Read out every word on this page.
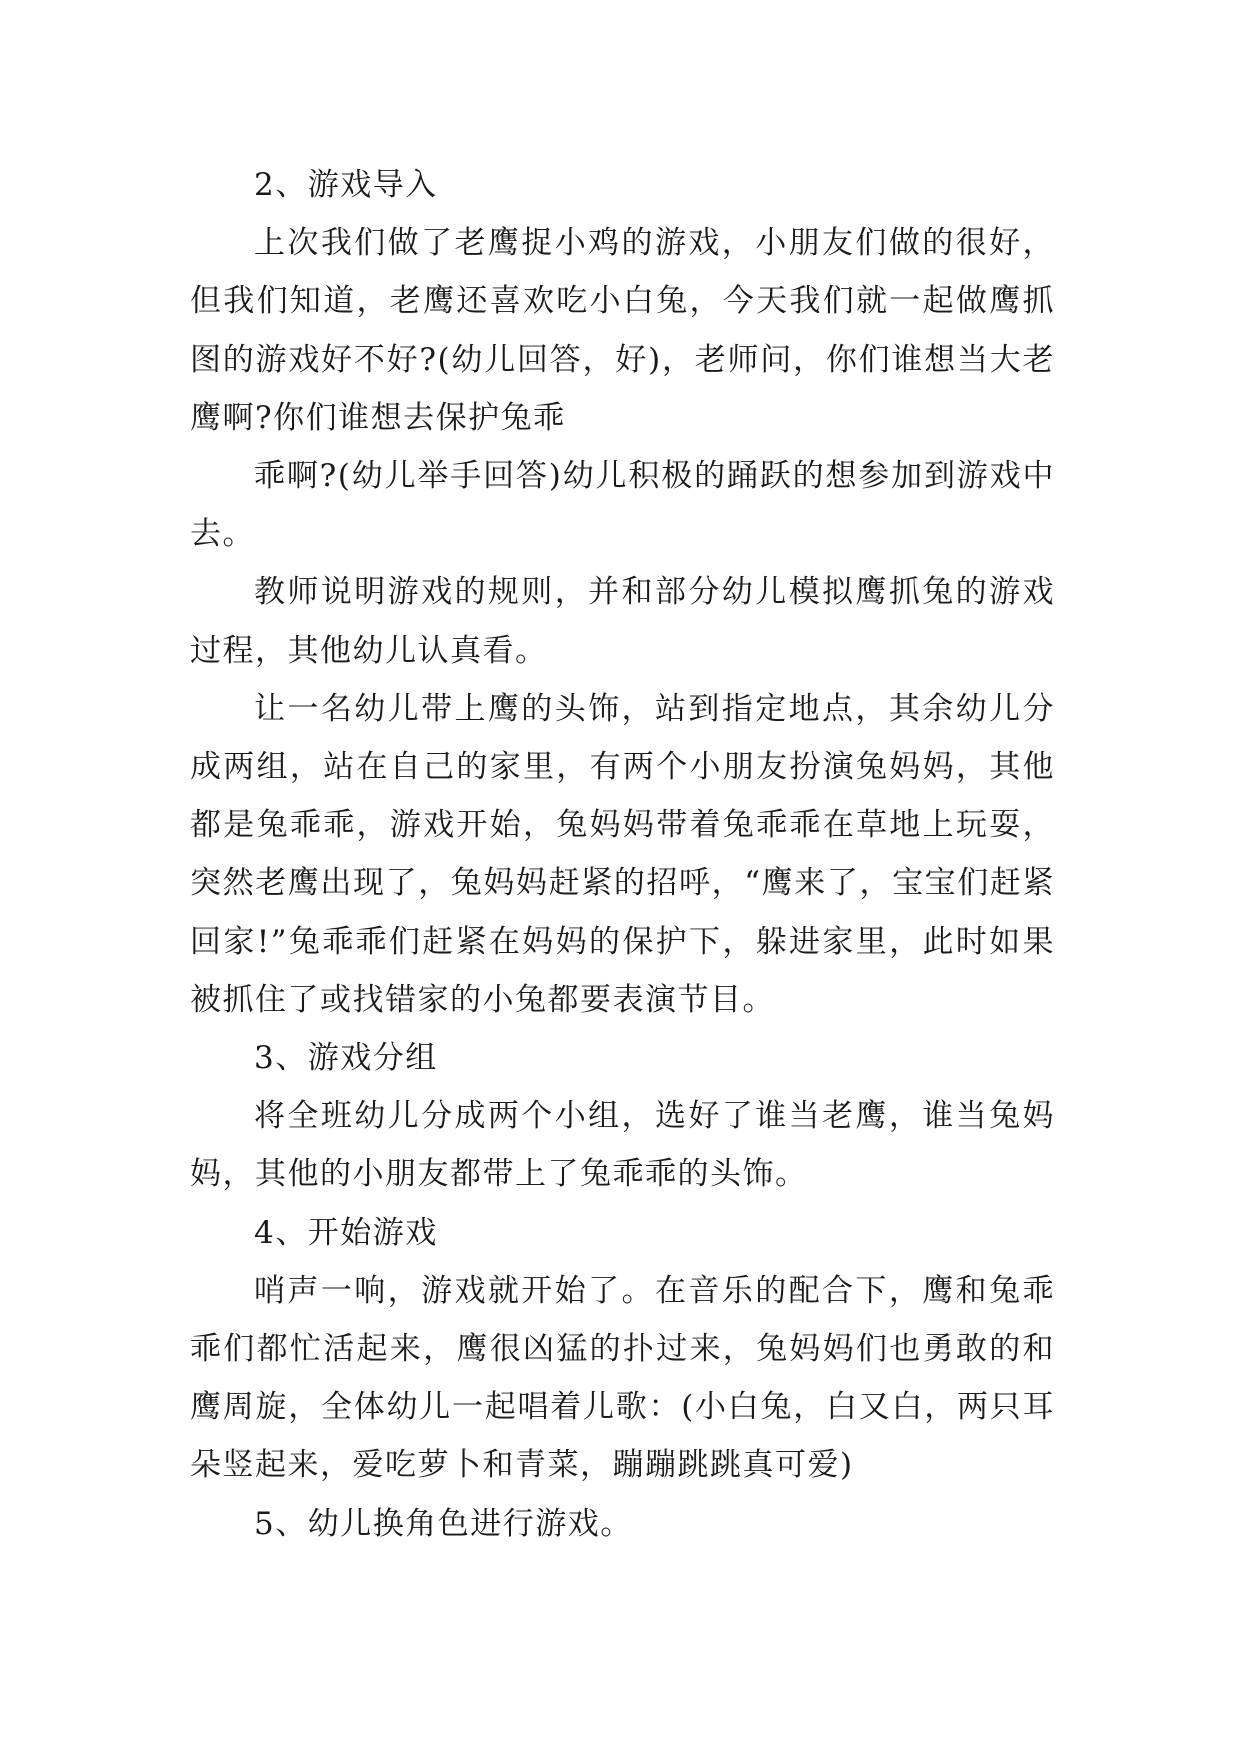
2、游戏导入

上次我们做了老鹰捉小鸡的游戏，小朋友们做的很好，但我们知道，老鹰还喜欢吃小白兔，今天我们就一起做鹰抓图的游戏好不好?(幼儿回答，好)，老师问，你们谁想当大老鹰啊?你们谁想去保护兔乖

乖啊?(幼儿举手回答)幼儿积极的踊跃的想参加到游戏中去。

教师说明游戏的规则，并和部分幼儿模拟鹰抓兔的游戏过程，其他幼儿认真看。

让一名幼儿带上鹰的头饰，站到指定地点，其余幼儿分成两组，站在自己的家里，有两个小朋友扮演兔妈妈，其他都是兔乖乖，游戏开始，兔妈妈带着兔乖乖在草地上玩耍，突然老鹰出现了，兔妈妈赶紧的招呼，“鹰来了，宝宝们赶紧回家!”兔乖乖们赶紧在妈妈的保护下，躲进家里，此时如果被抓住了或找错家的小兔都要表演节目。

3、游戏分组

将全班幼儿分成两个小组，选好了谁当老鹰，谁当兔妈妈，其他的小朋友都带上了兔乖乖的头饰。

4、开始游戏

哨声一响，游戏就开始了。在音乐的配合下，鹰和兔乖乖们都忙活起来，鹰很凶猛的扑过来，兔妈妈们也勇敢的和鹰周旋，全体幼儿一起唱着儿歌：(小白兔，白又白，两只耳朵竖起来，爱吃萝卜和青菜，蹦蹦跳跳真可爱)

5、幼儿换角色进行游戏。
